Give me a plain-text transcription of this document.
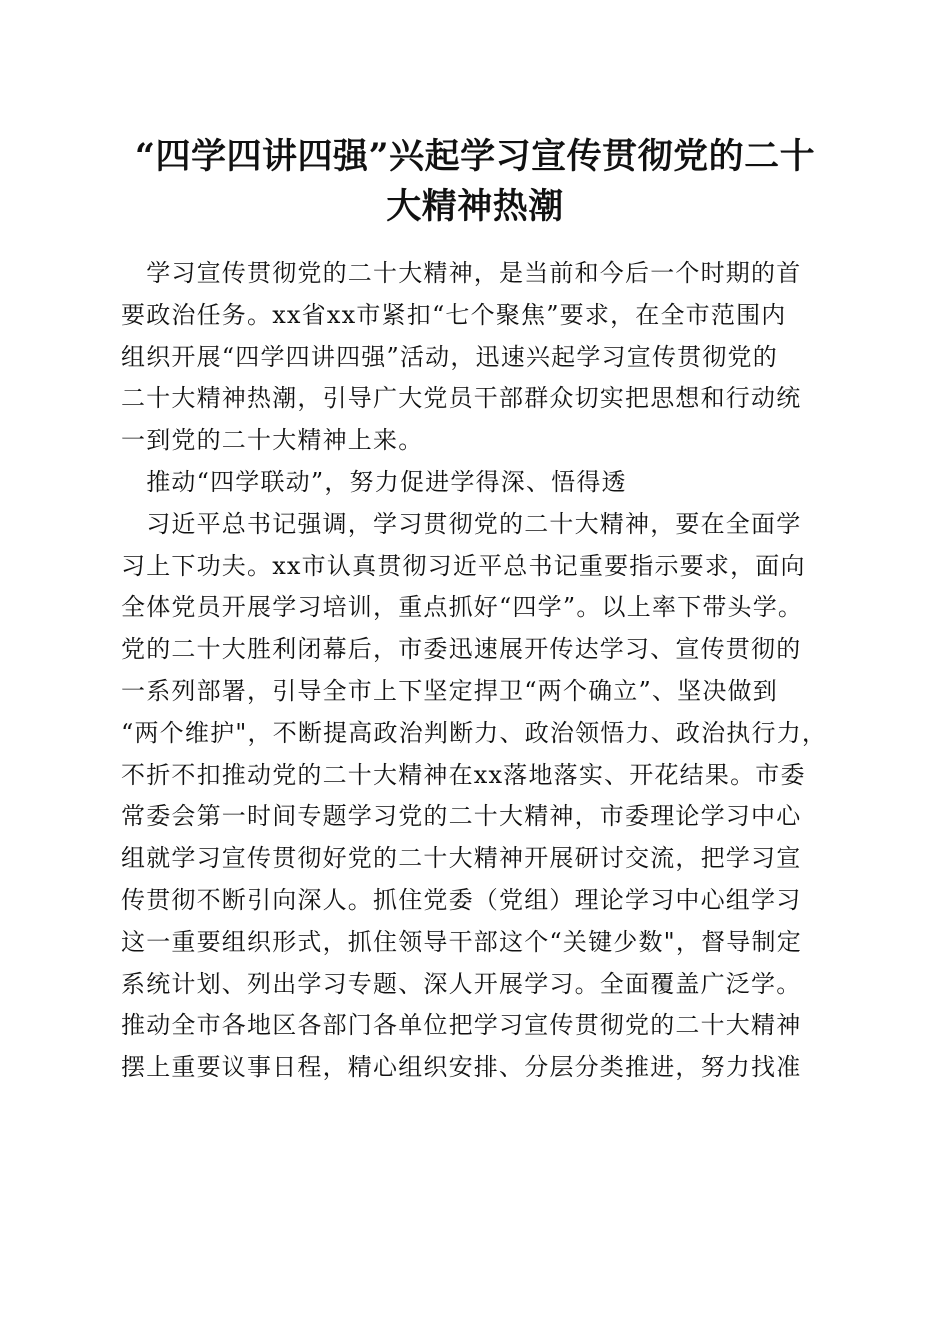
“四学四讲四强”兴起学习宣传贯彻党的二十
大精神热潮
　学习宣传贯彻党的二十大精神，是当前和今后一个时期的首
要政治任务。xx省xx市紧扣“七个聚焦”要求，在全市范围内
组织开展“四学四讲四强”活动，迅速兴起学习宣传贯彻党的
二十大精神热潮，引导广大党员干部群众切实把思想和行动统
一到党的二十大精神上来。
　推动“四学联动”，努力促进学得深、悟得透
　习近平总书记强调，学习贯彻党的二十大精神，要在全面学
习上下功夫。xx市认真贯彻习近平总书记重要指示要求，面向
全体党员开展学习培训，重点抓好“四学”。以上率下带头学。
党的二十大胜利闭幕后，市委迅速展开传达学习、宣传贯彻的
一系列部署，引导全市上下坚定捍卫“两个确立”、坚决做到
“两个维护"，不断提高政治判断力、政治领悟力、政治执行力，
不折不扣推动党的二十大精神在xx落地落实、开花结果。市委
常委会第一时间专题学习党的二十大精神，市委理论学习中心
组就学习宣传贯彻好党的二十大精神开展研讨交流，把学习宣
传贯彻不断引向深人。抓住党委（党组）理论学习中心组学习
这一重要组织形式，抓住领导干部这个“关键少数"，督导制定
系统计划、列出学习专题、深人开展学习。全面覆盖广泛学。
推动全市各地区各部门各单位把学习宣传贯彻党的二十大精神
摆上重要议事日程，精心组织安排、分层分类推进，努力找准
